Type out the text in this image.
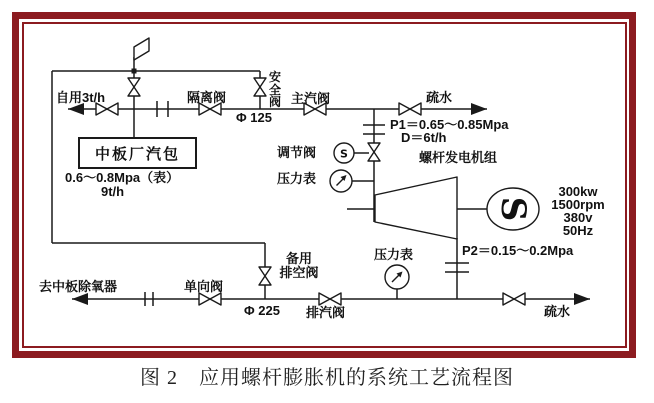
S
S
自用3t/h	隔离阀
Φ 125
安全阀 主汽阀	疏水
P1＝0.65～0.85Mpa
D＝6t/h
调节阀	螺杆发电机组
压力表
中板厂汽包
0.6～0.8Mpa（表）
9t/h	300kw
1500rpm
380v
50Hz
P2＝0.15～0.2Mpa
压力表
备用
排空阀
去中板除氧器	单向阀
Φ 225 排汽阀	疏水
图 2　应用螺杆膨胀机的系统工艺流程图
